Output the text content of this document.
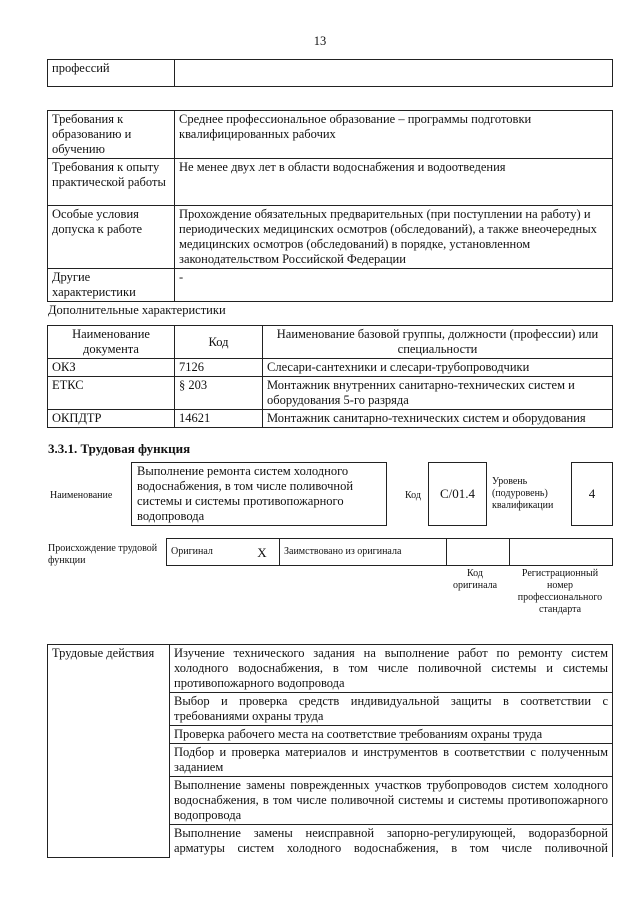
13
профессий	
Требования к образованию и обучению	Среднее профессиональное образование – программы подготовки квалифицированных рабочих
Требования к опыту практической работы	Не менее двух лет в области водоснабжения и водоотведения
Особые условия допуска к работе	Прохождение обязательных предварительных (при поступлении на работу) и периодических медицинских осмотров (обследований), а также внеочередных медицинских осмотров (обследований) в порядке, установленном законодательством Российской Федерации
Другие характеристики	-
Дополнительные характеристики
Наименование документа	Код	Наименование базовой группы, должности (профессии) или специальности
ОКЗ	7126	Слесари-сантехники и слесари-трубопроводчики
ЕТКС	§ 203	Монтажник внутренних санитарно-технических систем и оборудования 5-го разряда
ОКПДТР	14621	Монтажник санитарно-технических систем и оборудования
3.3.1. Трудовая функция
Наименование
Выполнение ремонта систем холодного водоснабжения, в том числе поливочной системы и системы противопожарного водопровода
Код C/01.4
Уровень (подуровень) квалификации
4
Происхождение трудовой функции
Оригинал	X	Заимствовано из оригинала		
Код оригинала
Регистрационный номер профессионального стандарта
Трудовые действия	Изучение технического задания на выполнение работ по ремонту систем холодного водоснабжения, в том числе поливочной системы и системы противопожарного водопровода
Выбор и проверка средств индивидуальной защиты в соответствии с требованиями охраны труда
Проверка рабочего места на соответствие требованиям охраны труда
Подбор и проверка материалов и инструментов в соответствии с полученным заданием
Выполнение замены поврежденных участков трубопроводов систем холодного водоснабжения, в том числе поливочной системы и системы противопожарного водопровода
Выполнение замены неисправной запорно-регулирующей, водоразборной арматуры систем холодного водоснабжения, в том числе поливочной
